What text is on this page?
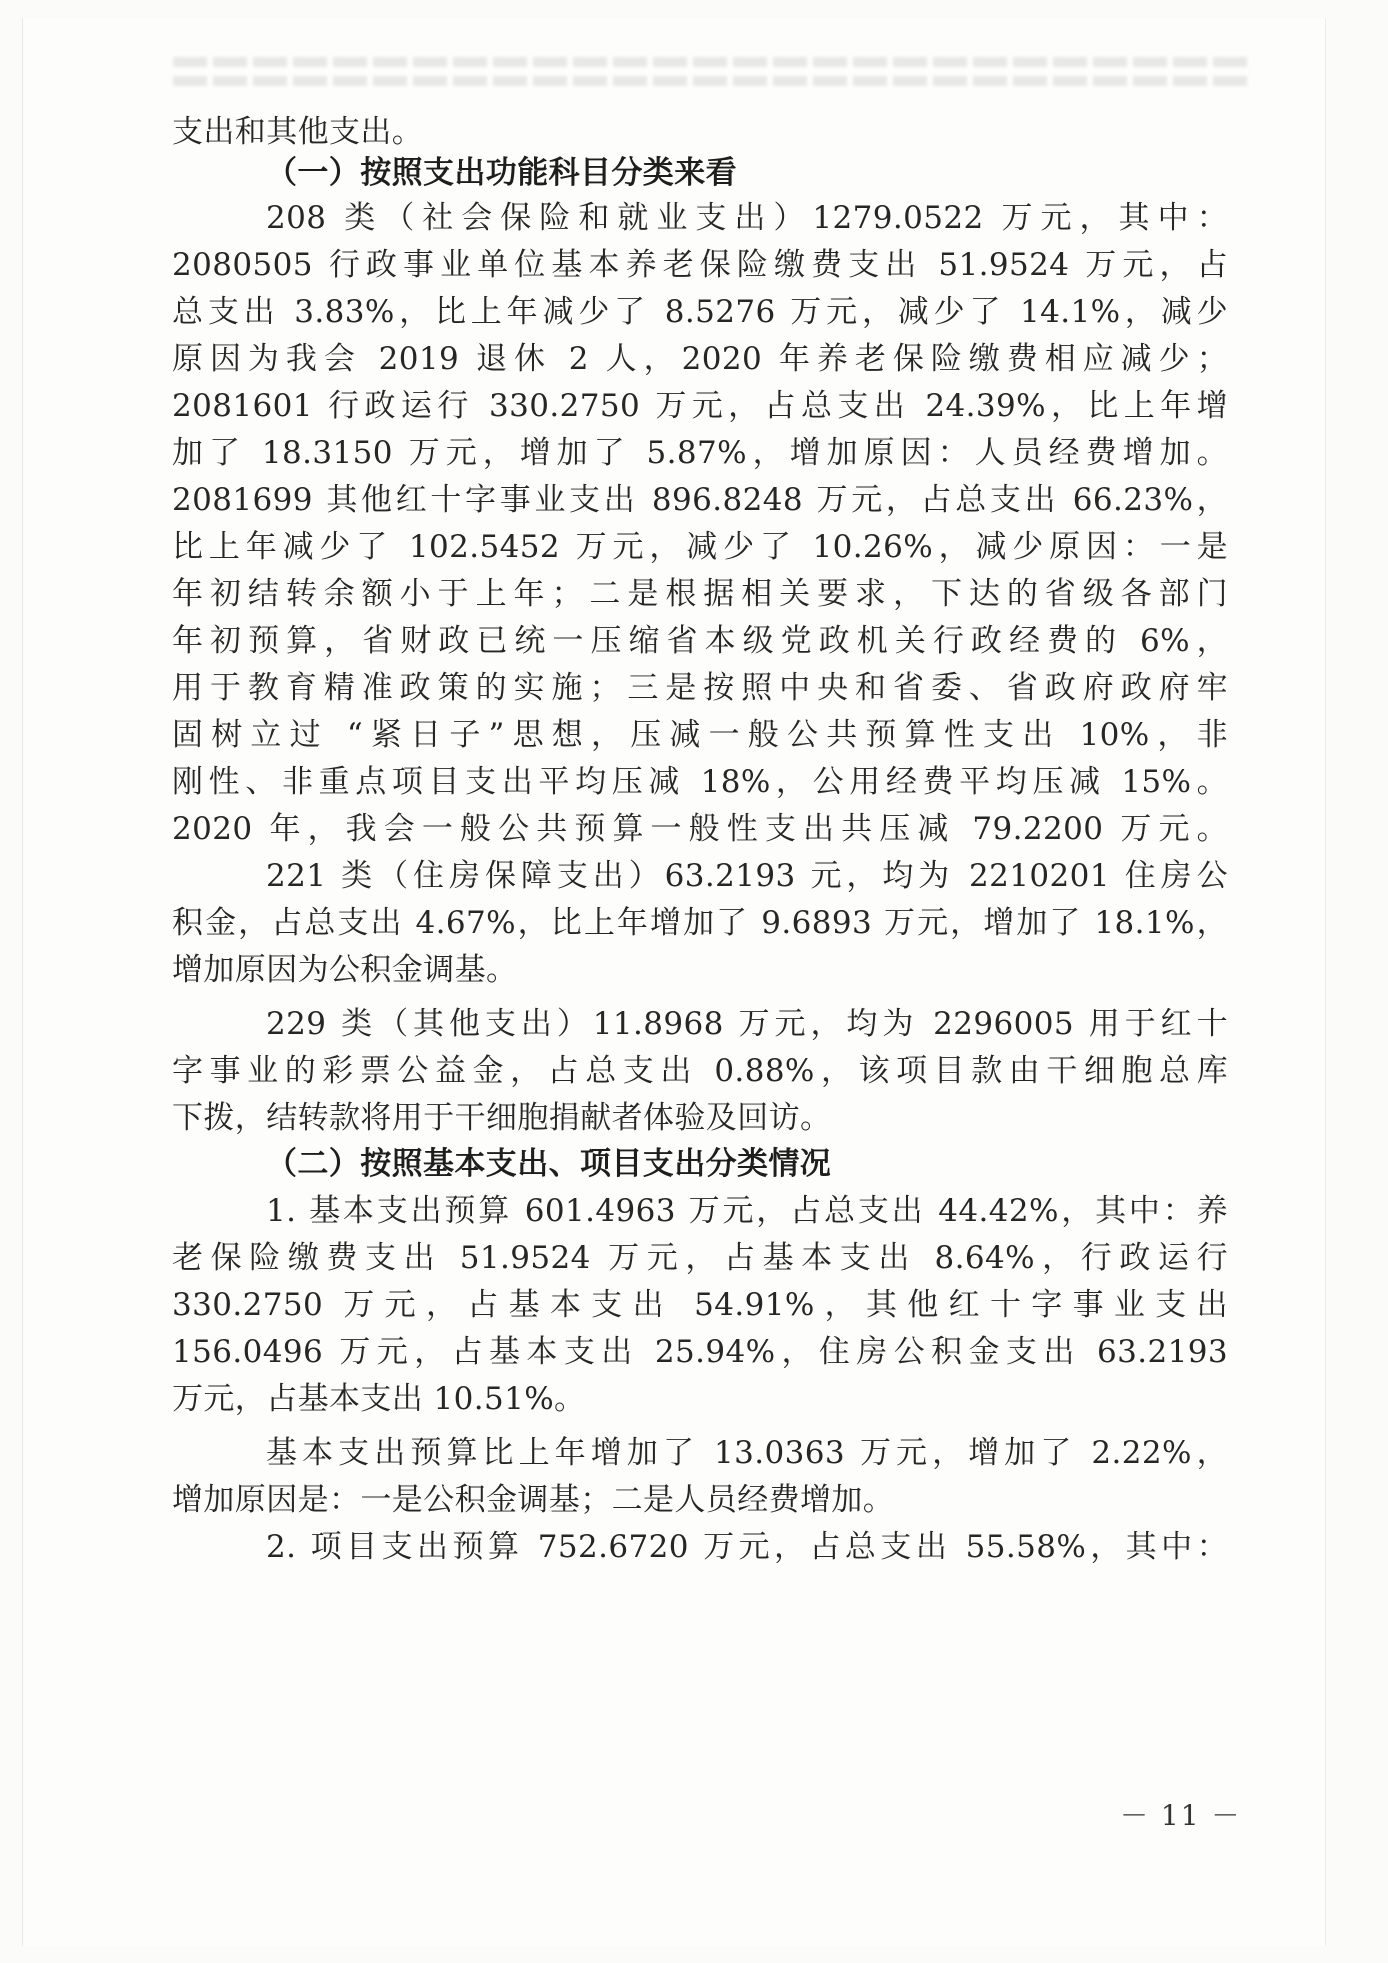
支出和其他支出。
（一）按照支出功能科目分类来看
208 类（社会保险和就业支出）1279.0522 万元，其中：
2080505 行政事业单位基本养老保险缴费支出 51.9524 万元，占
总支出 3.83%，比上年减少了 8.5276 万元，减少了 14.1%，减少
原因为我会 2019 退休 2 人，2020 年养老保险缴费相应减少；
2081601 行政运行 330.2750 万元，占总支出 24.39%，比上年增
加了 18.3150 万元，增加了 5.87%，增加原因：人员经费增加。
2081699 其他红十字事业支出 896.8248 万元，占总支出 66.23%，
比上年减少了 102.5452 万元，减少了 10.26%，减少原因：一是
年初结转余额小于上年；二是根据相关要求，下达的省级各部门
年初预算，省财政已统一压缩省本级党政机关行政经费的 6%，
用于教育精准政策的实施；三是按照中央和省委、省政府政府牢
固树立过 “紧日子”思想，压减一般公共预算性支出 10%，非
刚性、非重点项目支出平均压减 18%，公用经费平均压减 15%。
2020 年，我会一般公共预算一般性支出共压减 79.2200 万元。
221 类（住房保障支出）63.2193 元，均为 2210201 住房公
积金，占总支出 4.67%，比上年增加了 9.6893 万元，增加了 18.1%，
增加原因为公积金调基。
229 类（其他支出）11.8968 万元，均为 2296005 用于红十
字事业的彩票公益金，占总支出 0.88%，该项目款由干细胞总库
下拨，结转款将用于干细胞捐献者体验及回访。
（二）按照基本支出、项目支出分类情况
1. 基本支出预算 601.4963 万元，占总支出 44.42%，其中：养
老保险缴费支出 51.9524 万元，占基本支出 8.64%，行政运行
330.2750 万元，占基本支出 54.91%，其他红十字事业支出
156.0496 万元，占基本支出 25.94%，住房公积金支出 63.2193
万元，占基本支出 10.51%。
基本支出预算比上年增加了 13.0363 万元，增加了 2.22%，
增加原因是：一是公积金调基；二是人员经费增加。
2. 项目支出预算 752.6720 万元，占总支出 55.58%，其中：
－ 11 －
